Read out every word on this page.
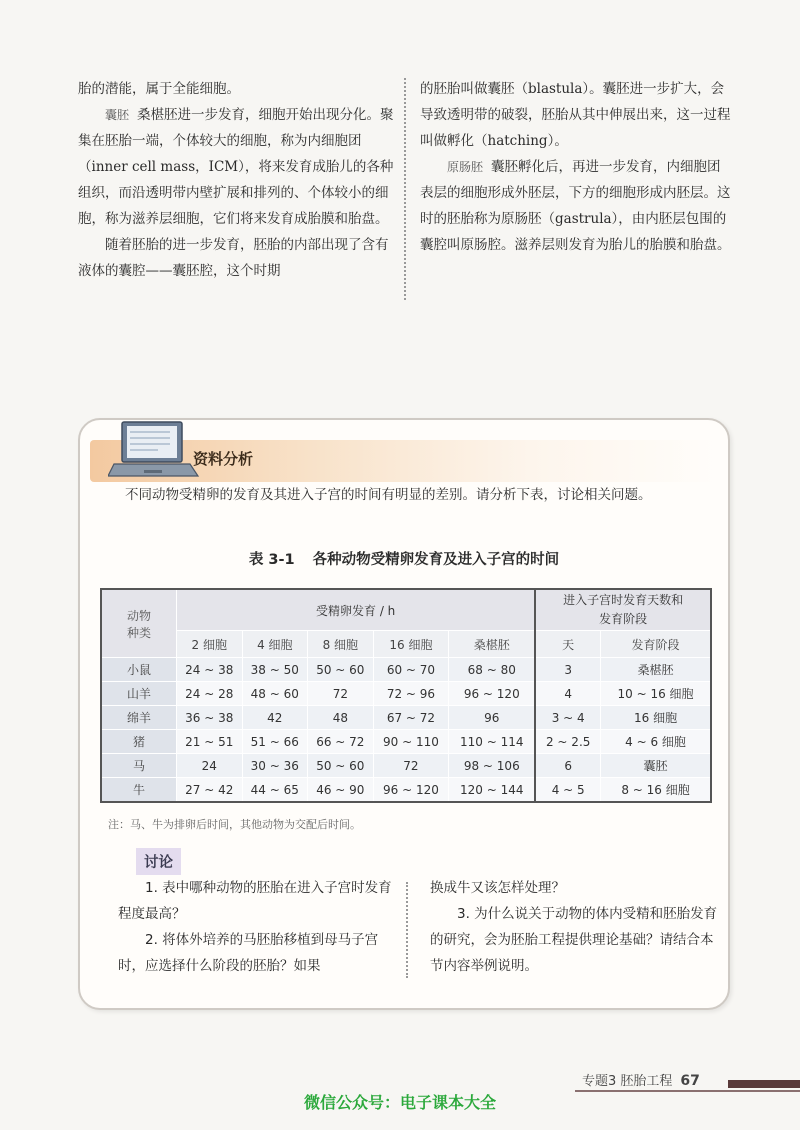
胎的潜能，属于全能细胞。

囊胚 桑椹胚进一步发育，细胞开始出现分化。聚集在胚胎一端，个体较大的细胞，称为内细胞团（inner cell mass，ICM），将来发育成胎儿的各种组织，而沿透明带内壁扩展和排列的、个体较小的细胞，称为滋养层细胞，它们将来发育成胎膜和胎盘。

随着胚胎的进一步发育，胚胎的内部出现了含有液体的囊腔——囊胚腔，这个时期

的胚胎叫做囊胚（blastula）。囊胚进一步扩大，会导致透明带的破裂，胚胎从其中伸展出来，这一过程叫做孵化（hatching）。

原肠胚 囊胚孵化后，再进一步发育，内细胞团表层的细胞形成外胚层，下方的细胞形成内胚层。这时的胚胎称为原肠胚（gastrula），由内胚层包围的囊腔叫原肠腔。滋养层则发育为胎儿的胎膜和胎盘。

资料分析
不同动物受精卵的发育及其进入子宫的时间有明显的差别。请分析下表，讨论相关问题。
表 3-1 各种动物受精卵发育及进入子宫的时间
动物
种类	受精卵发育 / h					进入子宫时发育天数和发育阶段	
	2 细胞	4 细胞	8 细胞	16 细胞	桑椹胚	天	发育阶段
小鼠	24 ~ 38	38 ~ 50	50 ~ 60	60 ~ 70	68 ~ 80	3	桑椹胚
山羊	24 ~ 28	48 ~ 60	72	72 ~ 96	96 ~ 120	4	10 ~ 16 细胞
绵羊	36 ~ 38	42	48	67 ~ 72	96	3 ~ 4	16 细胞
猪	21 ~ 51	51 ~ 66	66 ~ 72	90 ~ 110	110 ~ 114	2 ~ 2.5	4 ~ 6 细胞
马	24	30 ~ 36	50 ~ 60	72	98 ~ 106	6	囊胚
牛	27 ~ 42	44 ~ 65	46 ~ 90	96 ~ 120	120 ~ 144	4 ~ 5	8 ~ 16 细胞
注：马、牛为排卵后时间，其他动物为交配后时间。
讨论

1. 表中哪种动物的胚胎在进入子宫时发育程度最高？

2. 将体外培养的马胚胎移植到母马子宫时，应选择什么阶段的胚胎？如果

换成牛又该怎样处理？

3. 为什么说关于动物的体内受精和胚胎发育的研究，会为胚胎工程提供理论基础？请结合本节内容举例说明。

专题3 胚胎工程 67
微信公众号：电子课本大全
